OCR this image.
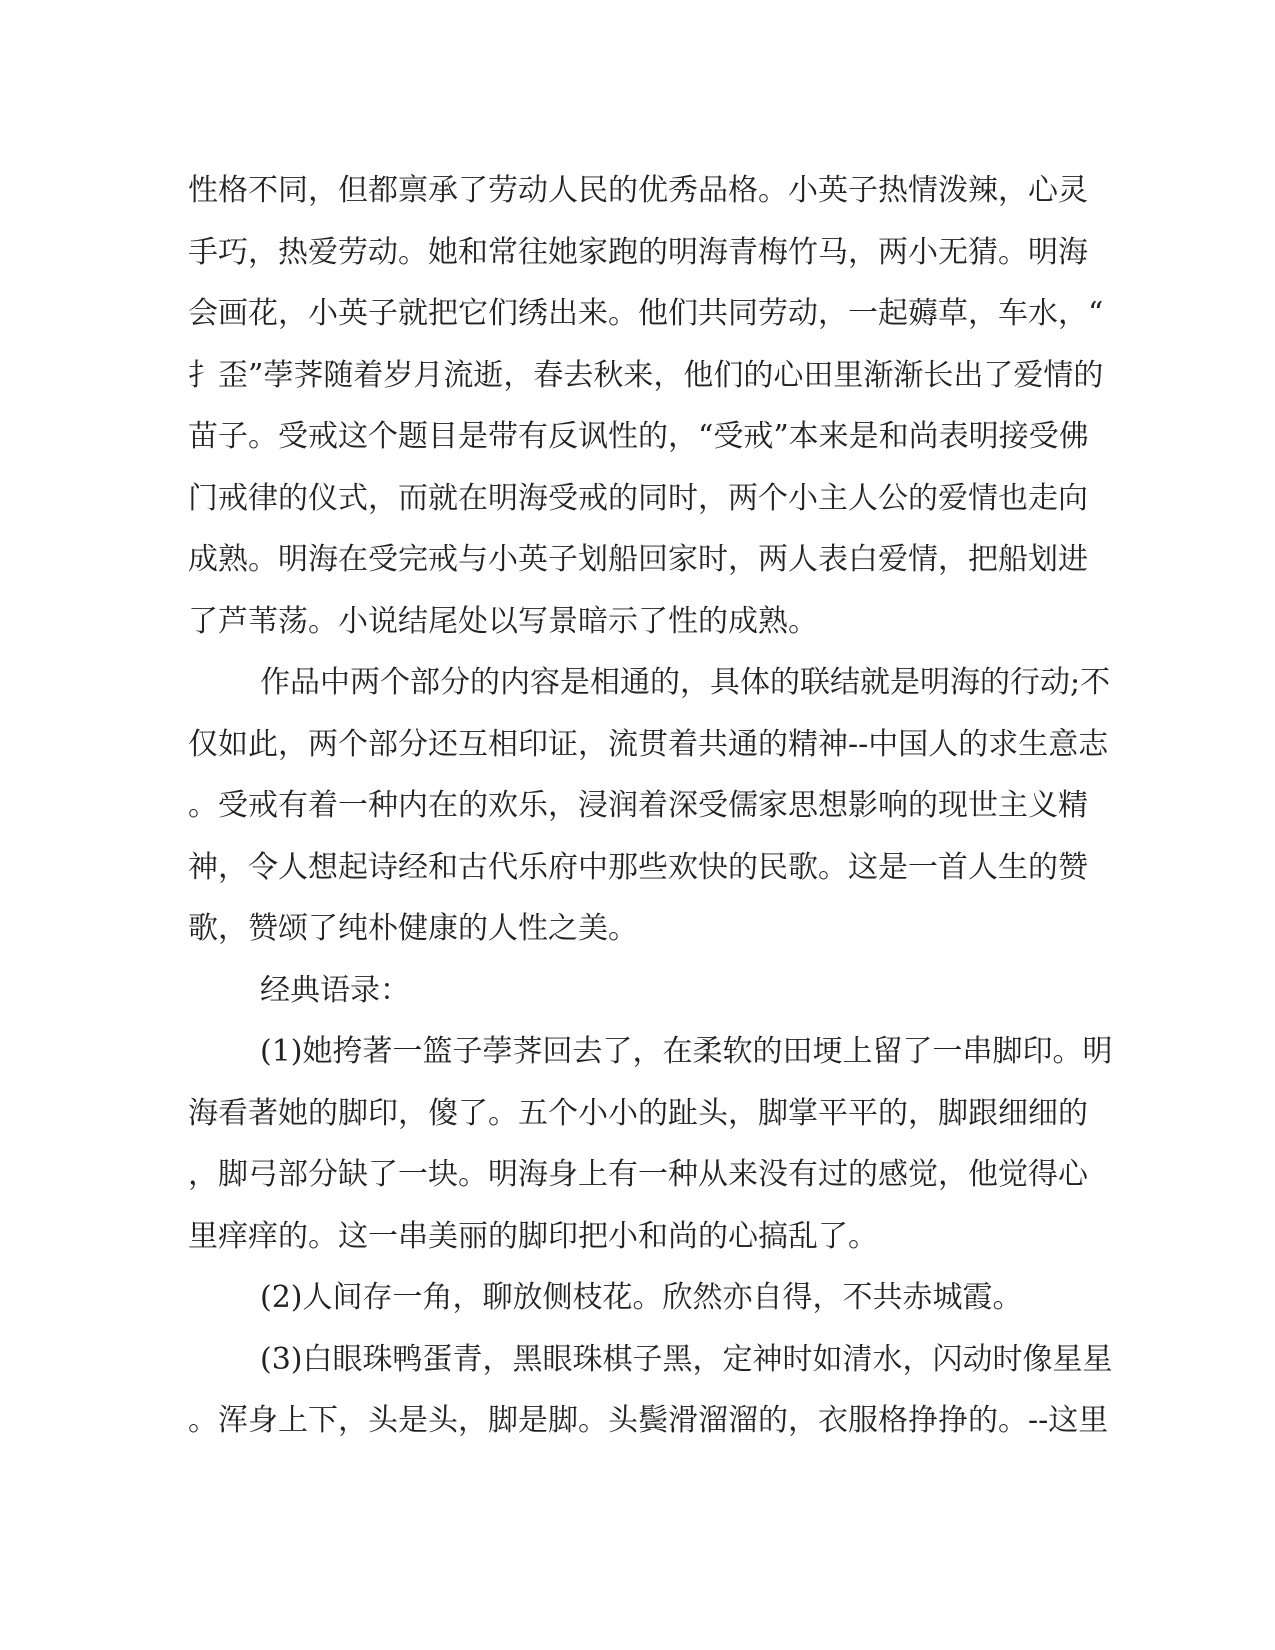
性格不同，但都禀承了劳动人民的优秀品格。小英子热情泼辣，心灵
手巧，热爱劳动。她和常往她家跑的明海青梅竹马，两小无猜。明海
会画花，小英子就把它们绣出来。他们共同劳动，一起薅草，车水，“
扌歪”荸荠随着岁月流逝，春去秋来，他们的心田里渐渐长出了爱情的
苗子。受戒这个题目是带有反讽性的，“受戒”本来是和尚表明接受佛
门戒律的仪式，而就在明海受戒的同时，两个小主人公的爱情也走向
成熟。明海在受完戒与小英子划船回家时，两人表白爱情，把船划进
了芦苇荡。小说结尾处以写景暗示了性的成熟。
作品中两个部分的内容是相通的，具体的联结就是明海的行动;不
仅如此，两个部分还互相印证，流贯着共通的精神--中国人的求生意志
。受戒有着一种内在的欢乐，浸润着深受儒家思想影响的现世主义精
神，令人想起诗经和古代乐府中那些欢快的民歌。这是一首人生的赞
歌，赞颂了纯朴健康的人性之美。
经典语录：
(1)她挎著一篮子荸荠回去了，在柔软的田埂上留了一串脚印。明
海看著她的脚印，傻了。五个小小的趾头，脚掌平平的，脚跟细细的
，脚弓部分缺了一块。明海身上有一种从来没有过的感觉，他觉得心
里痒痒的。这一串美丽的脚印把小和尚的心搞乱了。
(2)人间存一角，聊放侧枝花。欣然亦自得，不共赤城霞。
(3)白眼珠鸭蛋青，黑眼珠棋子黑，定神时如清水，闪动时像星星
。浑身上下，头是头，脚是脚。头鬓滑溜溜的，衣服格挣挣的。--这里
